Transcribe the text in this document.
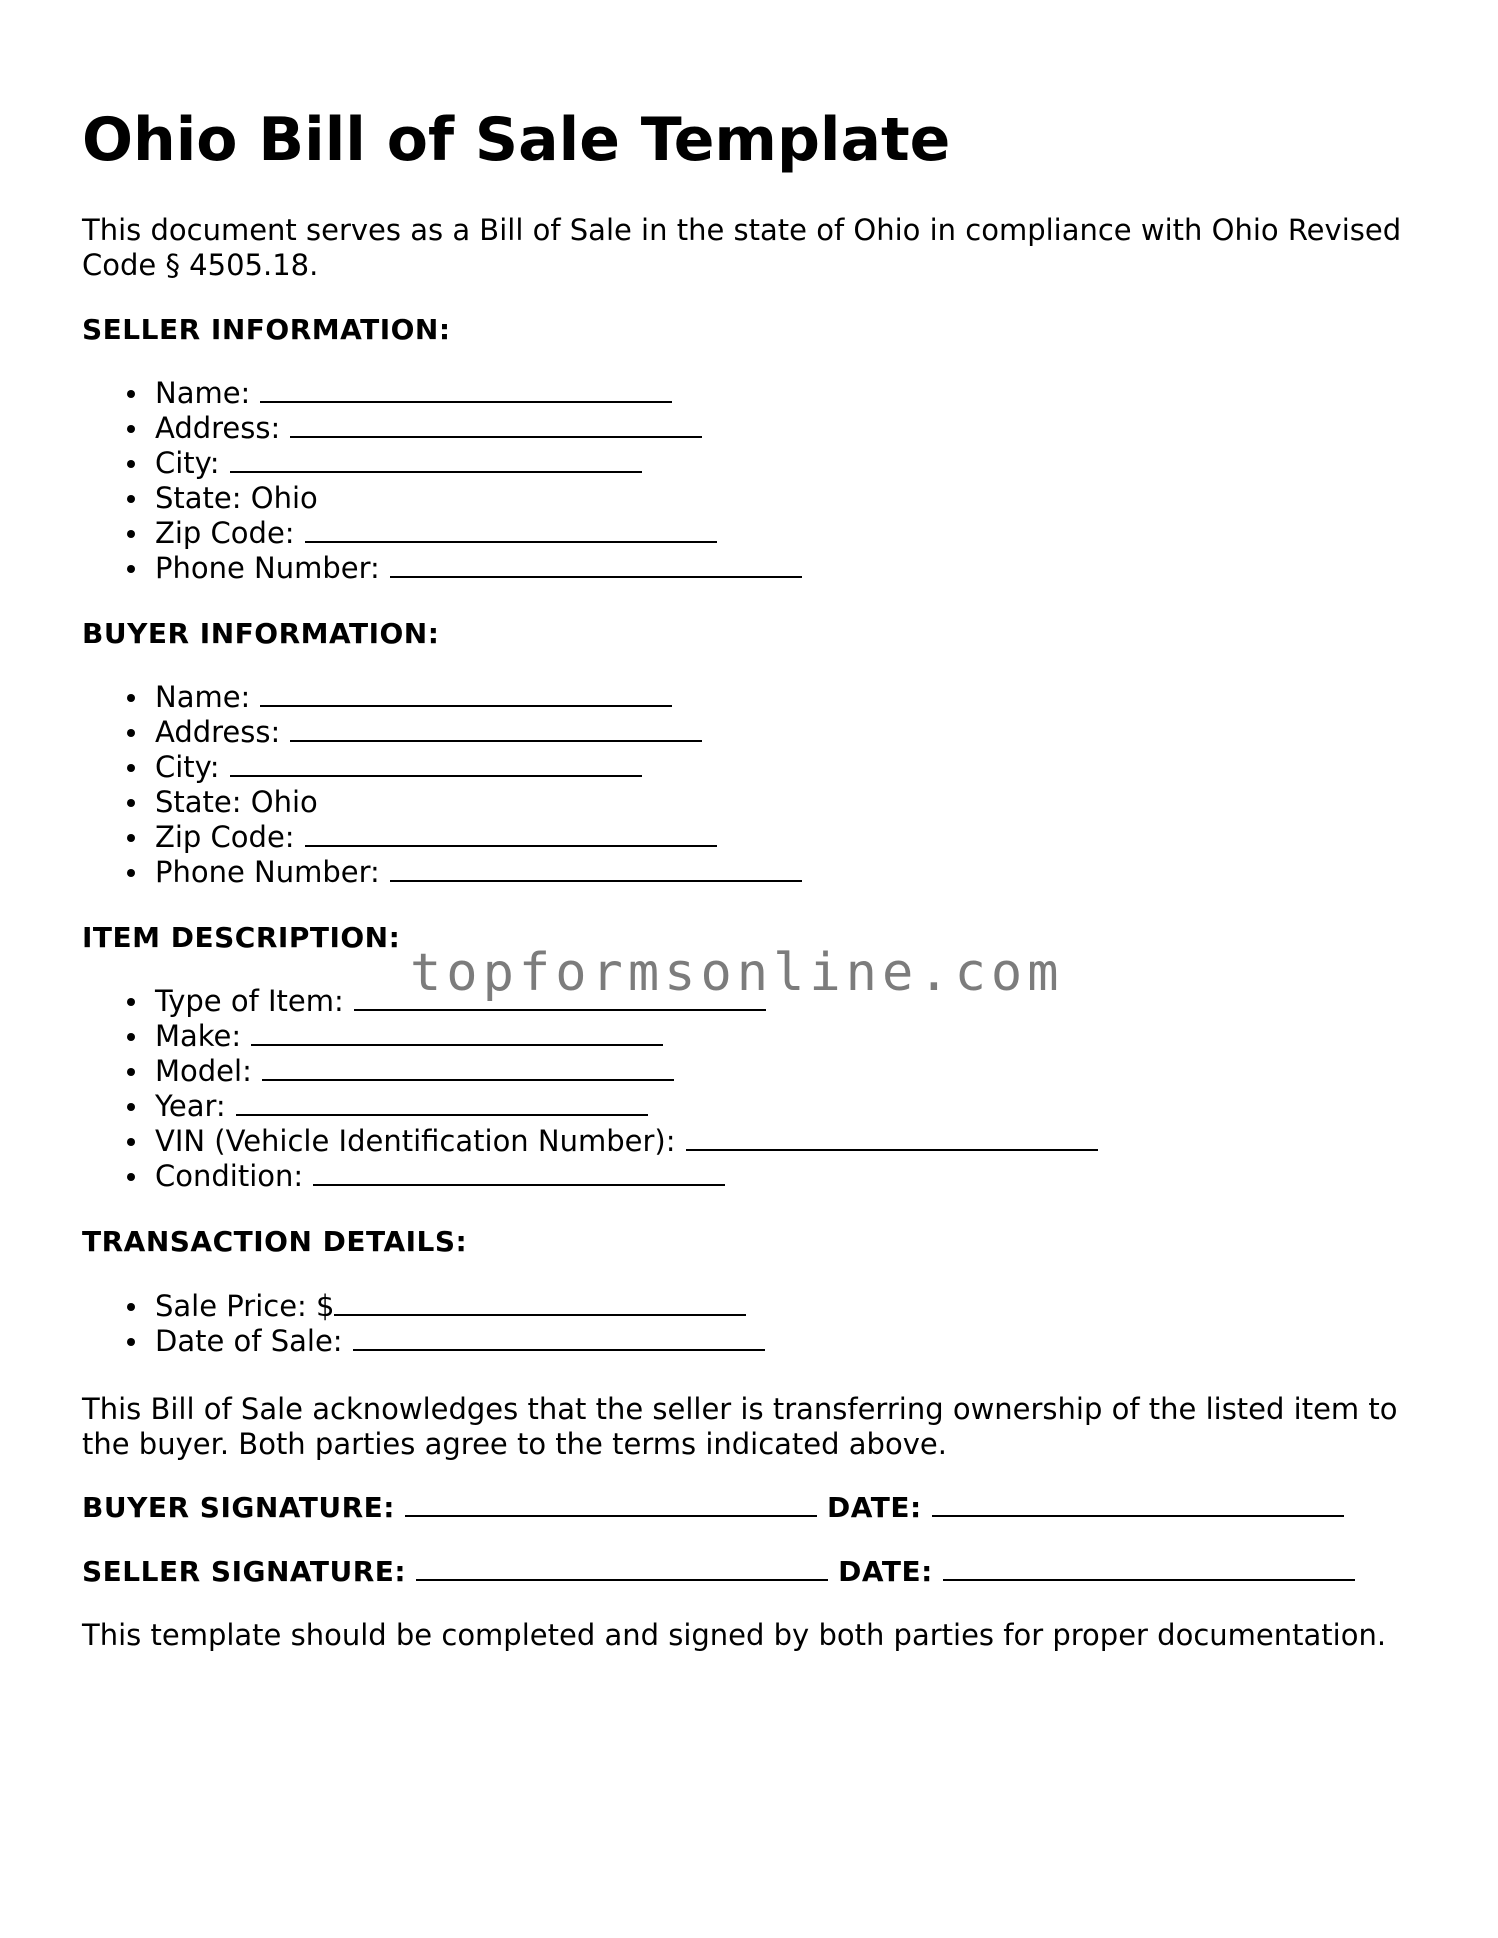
Ohio Bill of Sale Template

This document serves as a Bill of Sale in the state of Ohio in compliance with Ohio Revised Code § 4505.18.

SELLER INFORMATION:

Name:
Address:
City:
State: Ohio
Zip Code:
Phone Number:

BUYER INFORMATION:

Name:
Address:
City:
State: Ohio
Zip Code:
Phone Number:

ITEM DESCRIPTION:

Type of Item:
Make:
Model:
Year:
VIN (Vehicle Identification Number):
Condition:

TRANSACTION DETAILS:

Sale Price: $
Date of Sale:

This Bill of Sale acknowledges that the seller is transferring ownership of the listed item to the buyer. Both parties agree to the terms indicated above.

BUYER SIGNATURE:	DATE:
SELLER SIGNATURE:	DATE:

This template should be completed and signed by both parties for proper documentation.

topformsonline.com
